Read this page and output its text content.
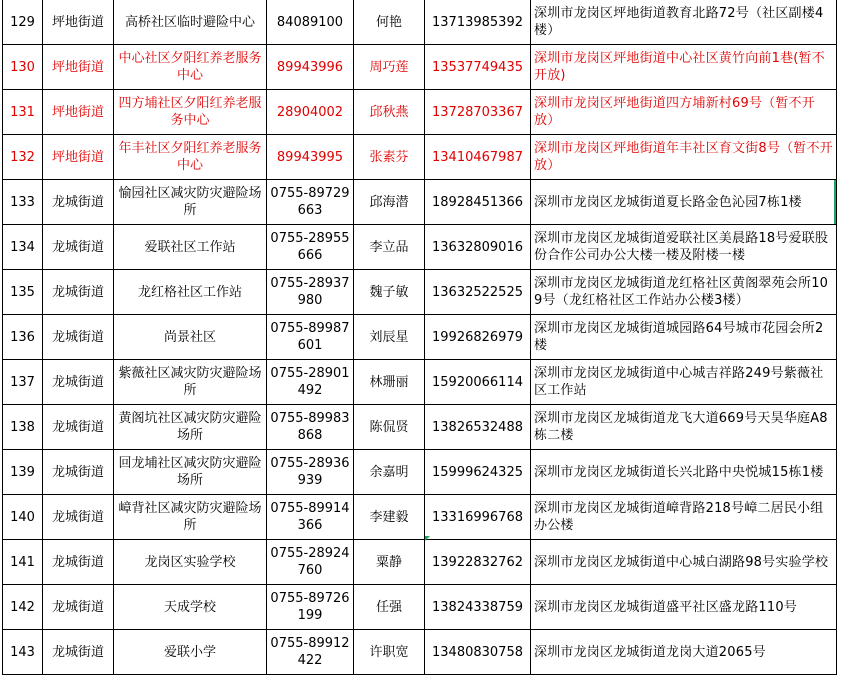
129	坪地街道	高桥社区临时避险中心	84089100	何艳	13713985392	深圳市龙岗区坪地街道教育北路72号（社区副楼4楼）
130	坪地街道	中心社区夕阳红养老服务中心	89943996	周巧莲	13537749435	深圳市龙岗区坪地街道中心社区黄竹向前1巷(暂不开放)
131	坪地街道	四方埔社区夕阳红养老服务中心	28904002	邱秋燕	13728703367	深圳市龙岗区坪地街道四方埔新村69号（暂不开放）
132	坪地街道	年丰社区夕阳红养老服务中心	89943995	张素芬	13410467987	深圳市龙岗区坪地街道年丰社区育文街8号（暂不开放）
133	龙城街道	愉园社区减灾防灾避险场所	0755-89729663	邱海潜	18928451366	深圳市龙岗区龙城街道夏长路金色沁园7栋1楼
134	龙城街道	爱联社区工作站	0755-28955666	李立品	13632809016	深圳市龙岗区龙城街道爱联社区美晨路18号爱联股份合作公司办公大楼一楼及附楼一楼
135	龙城街道	龙红格社区工作站	0755-28937980	魏子敏	13632522525	深圳市龙岗区龙城街道龙红格社区黄阁翠苑会所109号（龙红格社区工作站办公楼3楼）
136	龙城街道	尚景社区	0755-89987601	刘辰星	19926826979	深圳市龙岗区龙城街道城园路64号城市花园会所2楼
137	龙城街道	紫薇社区减灾防灾避险场所	0755-28901492	林珊丽	15920066114	深圳市龙岗区龙城街道中心城吉祥路249号紫薇社区工作站
138	龙城街道	黄阁坑社区减灾防灾避险场所	0755-89983868	陈侃贤	13826532488	深圳市龙岗区龙城街道龙飞大道669号天昊华庭A8栋二楼
139	龙城街道	回龙埔社区减灾防灾避险场所	0755-28936939	余嘉明	15999624325	深圳市龙岗区龙城街道长兴北路中央悦城15栋1楼
140	龙城街道	嶂背社区减灾防灾避险场所	0755-89914366	李建毅	13316996768	深圳市龙岗区龙城街道嶂背路218号嶂二居民小组办公楼
141	龙城街道	龙岗区实验学校	0755-28924760	粟静	13922832762	深圳市龙岗区龙城街道中心城白湖路98号实验学校
142	龙城街道	天成学校	0755-89726199	任强	13824338759	深圳市龙岗区龙城街道盛平社区盛龙路110号
143	龙城街道	爱联小学	0755-89912422	许职宽	13480830758	深圳市龙岗区龙城街道龙岗大道2065号
